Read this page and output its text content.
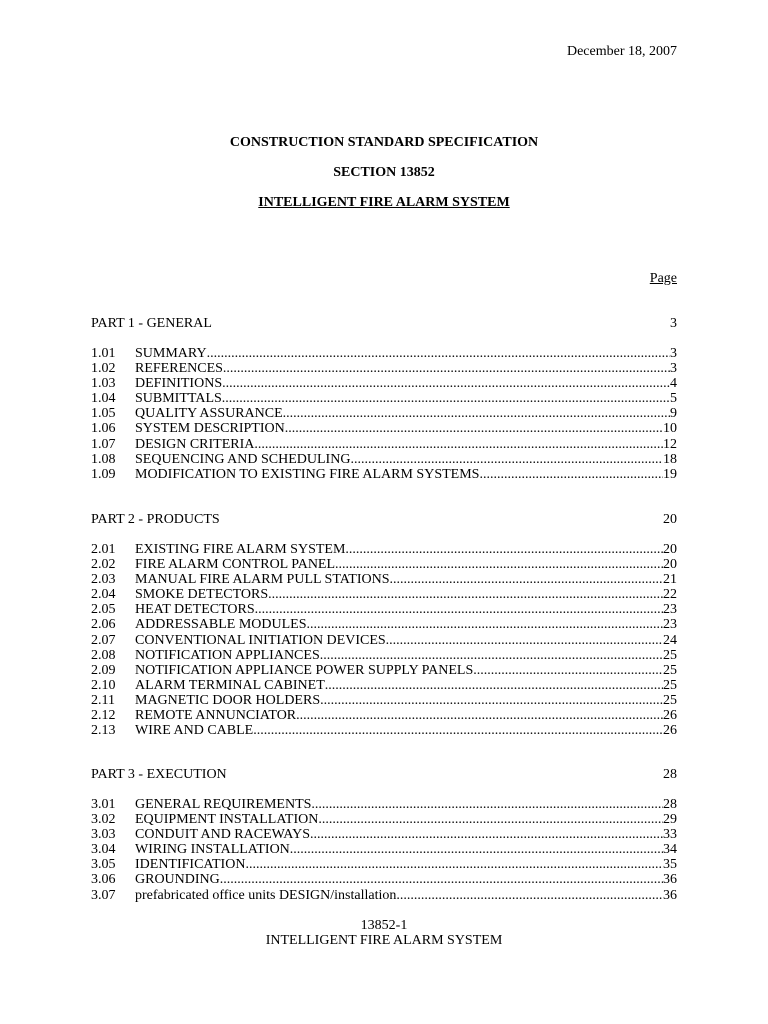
December 18, 2007
CONSTRUCTION STANDARD SPECIFICATION
SECTION 13852
INTELLIGENT FIRE ALARM SYSTEM
Page
PART 1 - GENERAL	3
1.01	SUMMARY .....	3
1.02	REFERENCES .....	3
1.03	DEFINITIONS .....	4
1.04	SUBMITTALS .....	5
1.05	QUALITY ASSURANCE .....	9
1.06	SYSTEM DESCRIPTION .....	10
1.07	DESIGN CRITERIA .....	12
1.08	SEQUENCING AND SCHEDULING .....	18
1.09	MODIFICATION TO EXISTING FIRE ALARM SYSTEMS .....	19
PART 2 - PRODUCTS	20
2.01	EXISTING FIRE ALARM SYSTEM .....	20
2.02	FIRE ALARM CONTROL PANEL .....	20
2.03	MANUAL FIRE ALARM PULL STATIONS .....	21
2.04	SMOKE DETECTORS .....	22
2.05	HEAT DETECTORS .....	23
2.06	ADDRESSABLE MODULES .....	23
2.07	CONVENTIONAL INITIATION DEVICES .....	24
2.08	NOTIFICATION APPLIANCES .....	25
2.09	NOTIFICATION APPLIANCE POWER SUPPLY PANELS .....	25
2.10	ALARM TERMINAL CABINET .....	25
2.11	MAGNETIC DOOR HOLDERS .....	25
2.12	REMOTE ANNUNCIATOR .....	26
2.13	WIRE AND CABLE .....	26
PART 3 - EXECUTION	28
3.01	GENERAL REQUIREMENTS .....	28
3.02	EQUIPMENT INSTALLATION .....	29
3.03	CONDUIT AND RACEWAYS .....	33
3.04	WIRING INSTALLATION .....	34
3.05	IDENTIFICATION .....	35
3.06	GROUNDING .....	36
3.07	prefabricated office units DESIGN/installation .....	36
13852-1
INTELLIGENT FIRE ALARM SYSTEM
